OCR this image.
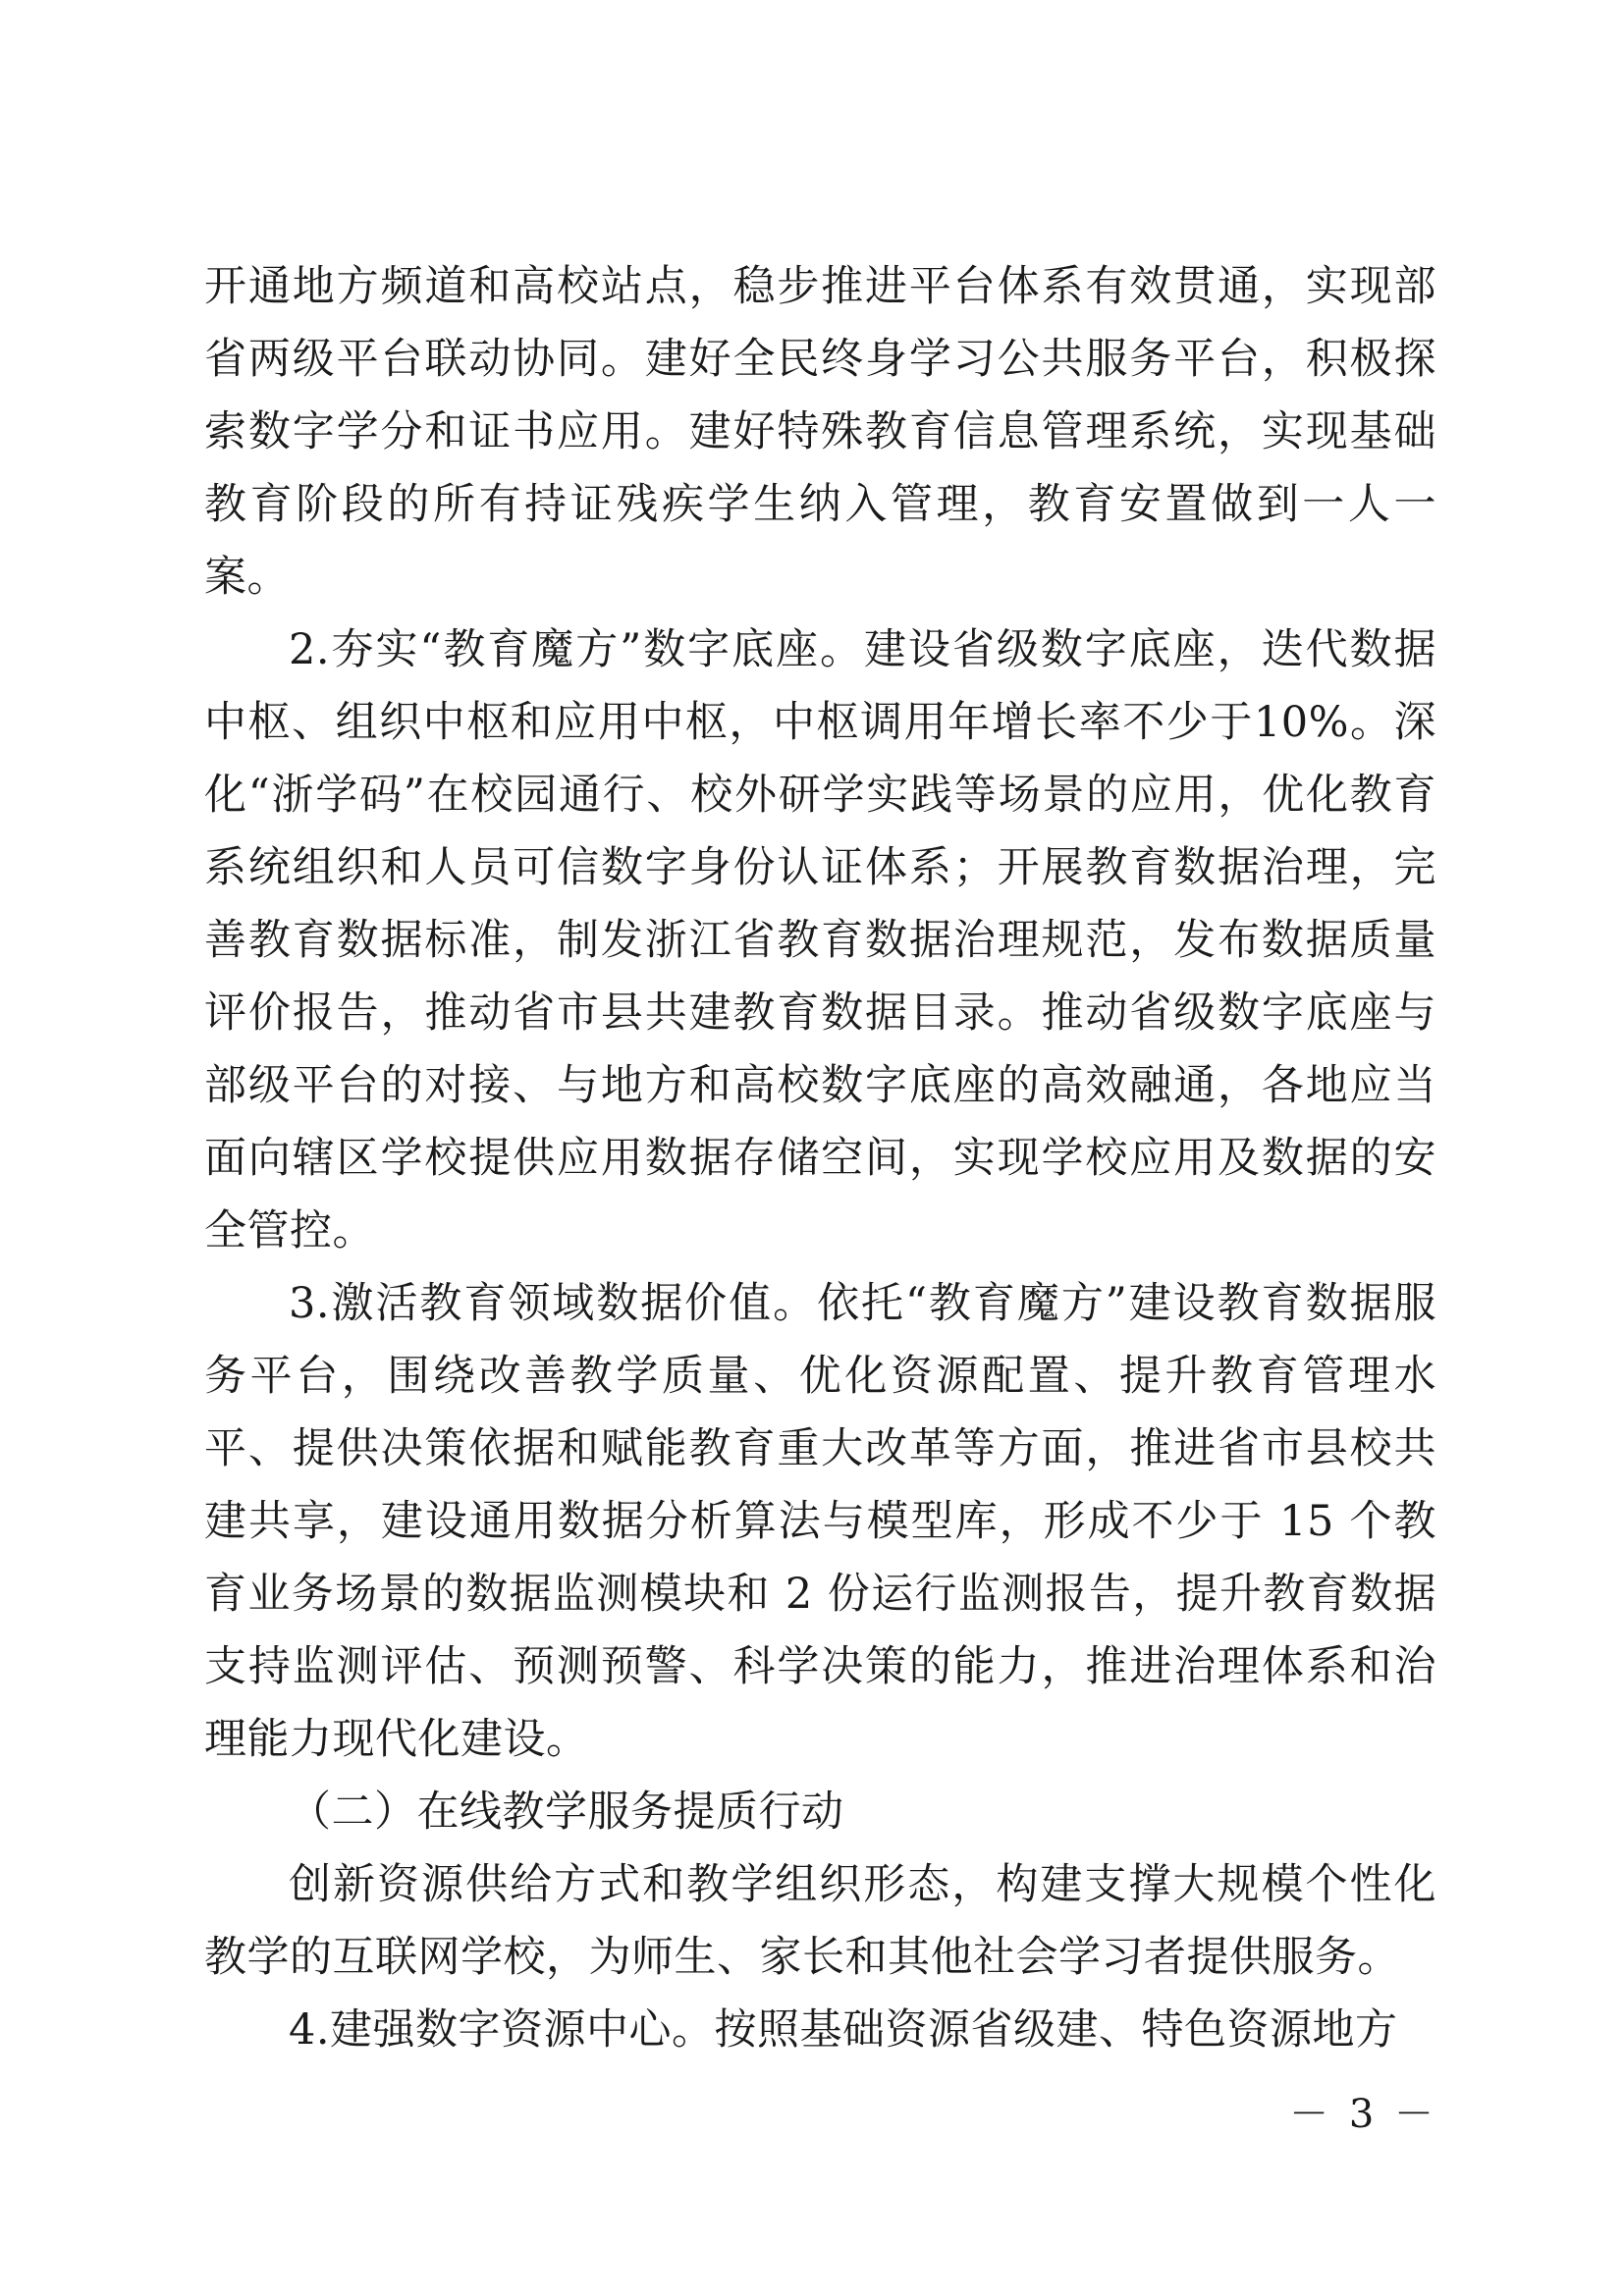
开通地方频道和高校站点，稳步推进平台体系有效贯通，实现部省两级平台联动协同。建好全民终身学习公共服务平台，积极探索数字学分和证书应用。建好特殊教育信息管理系统，实现基础教育阶段的所有持证残疾学生纳入管理，教育安置做到一人一案。

2.夯实“教育魔方”数字底座。建设省级数字底座，迭代数据中枢、组织中枢和应用中枢，中枢调用年增长率不少于10%。深化“浙学码”在校园通行、校外研学实践等场景的应用，优化教育系统组织和人员可信数字身份认证体系；开展教育数据治理，完善教育数据标准，制发浙江省教育数据治理规范，发布数据质量评价报告，推动省市县共建教育数据目录。推动省级数字底座与部级平台的对接、与地方和高校数字底座的高效融通，各地应当面向辖区学校提供应用数据存储空间，实现学校应用及数据的安全管控。

3.激活教育领域数据价值。依托“教育魔方”建设教育数据服务平台，围绕改善教学质量、优化资源配置、提升教育管理水平、提供决策依据和赋能教育重大改革等方面，推进省市县校共建共享，建设通用数据分析算法与模型库，形成不少于 15 个教育业务场景的数据监测模块和 2 份运行监测报告，提升教育数据支持监测评估、预测预警、科学决策的能力，推进治理体系和治理能力现代化建设。

（二）在线教学服务提质行动

创新资源供给方式和教学组织形态，构建支撑大规模个性化教学的互联网学校，为师生、家长和其他社会学习者提供服务。

4.建强数字资源中心。按照基础资源省级建、特色资源地方

－ 3 －
